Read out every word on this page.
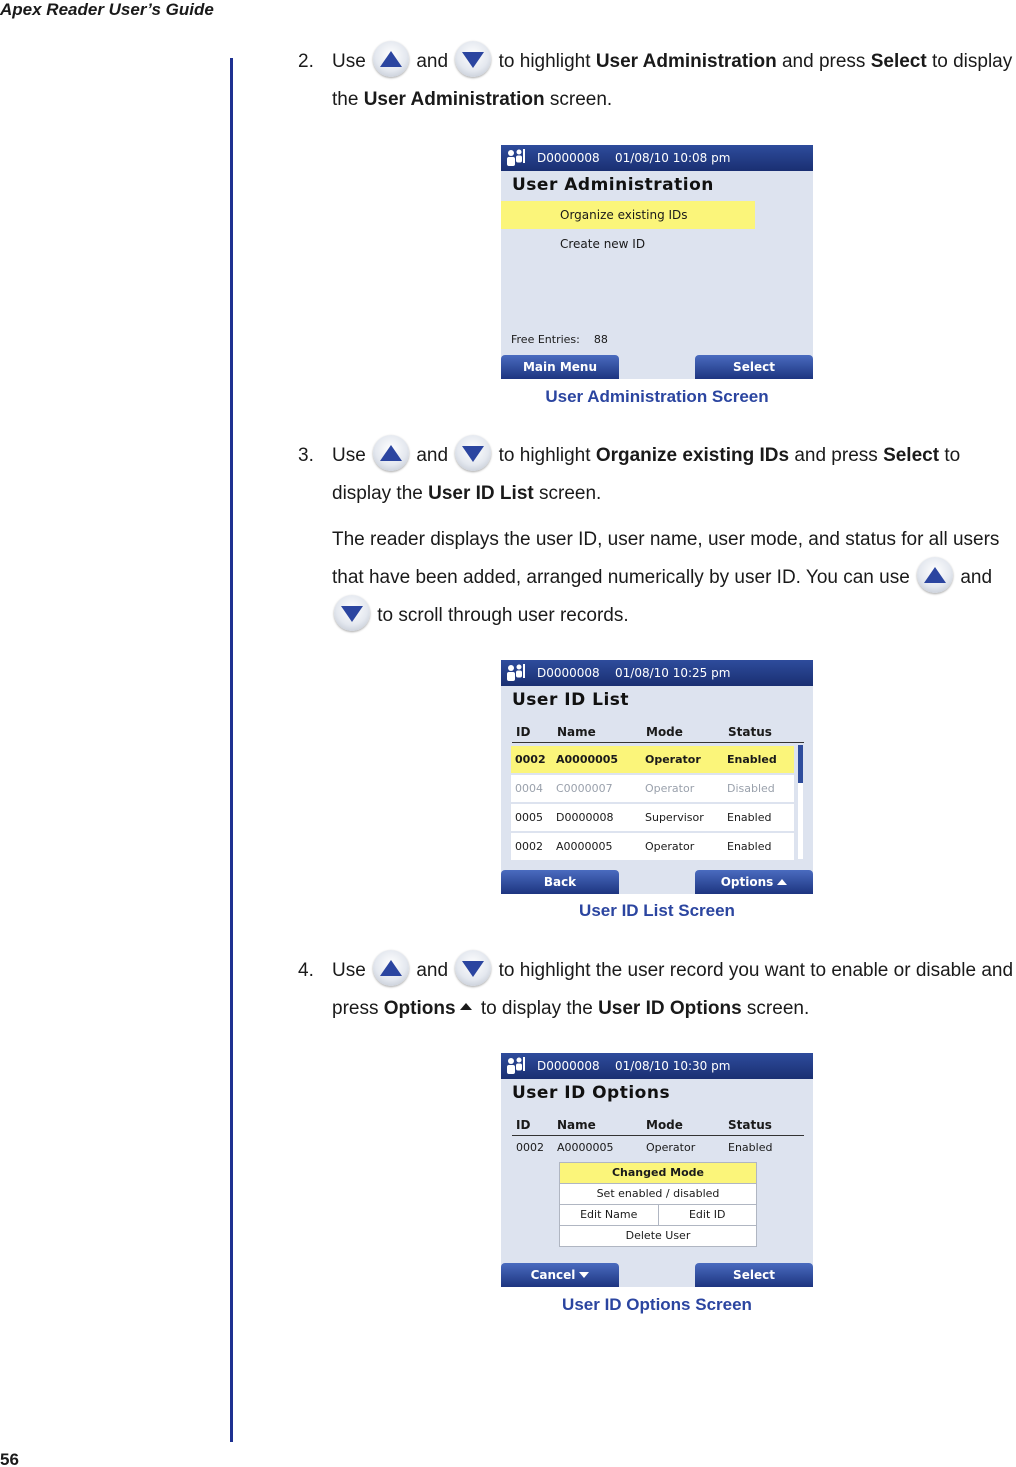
Apex Reader User’s Guide
56
2. Use	and	to highlight User Administration and press Select to display the User Administration screen.
D0000008 01/08/10 10:08 pm
User Administration
Organize existing IDs
Create new ID
Free Entries: 88
Main Menu	Select
User Administration Screen
3. Use	and	to highlight Organize existing IDs and press Select to display the User ID List screen.
The reader displays the user ID, user name, user mode, and status for all users that have been added, arranged numerically by user ID. You can use	and
to scroll through user records.
D0000008 01/08/10 10:25 pm
User ID List
ID Name	Mode	Status
0002 A0000005 Operator Enabled
0004 C0000007	Operator	Disabled
0005 D0000008	Supervisor Enabled
0002 A0000005	Operator	Enabled
Back	Options
User ID List Screen
4. Use	and	to highlight the user record you want to enable or disable and press Options to display the User ID Options screen.
D0000008 01/08/10 10:30 pm
User ID Options
ID Name	Mode	Status
0002 A0000005	Operator	Enabled
Changed Mode
Set enabled / disabled
Edit Name	Edit ID
Delete User
Cancel	Select
User ID Options Screen
